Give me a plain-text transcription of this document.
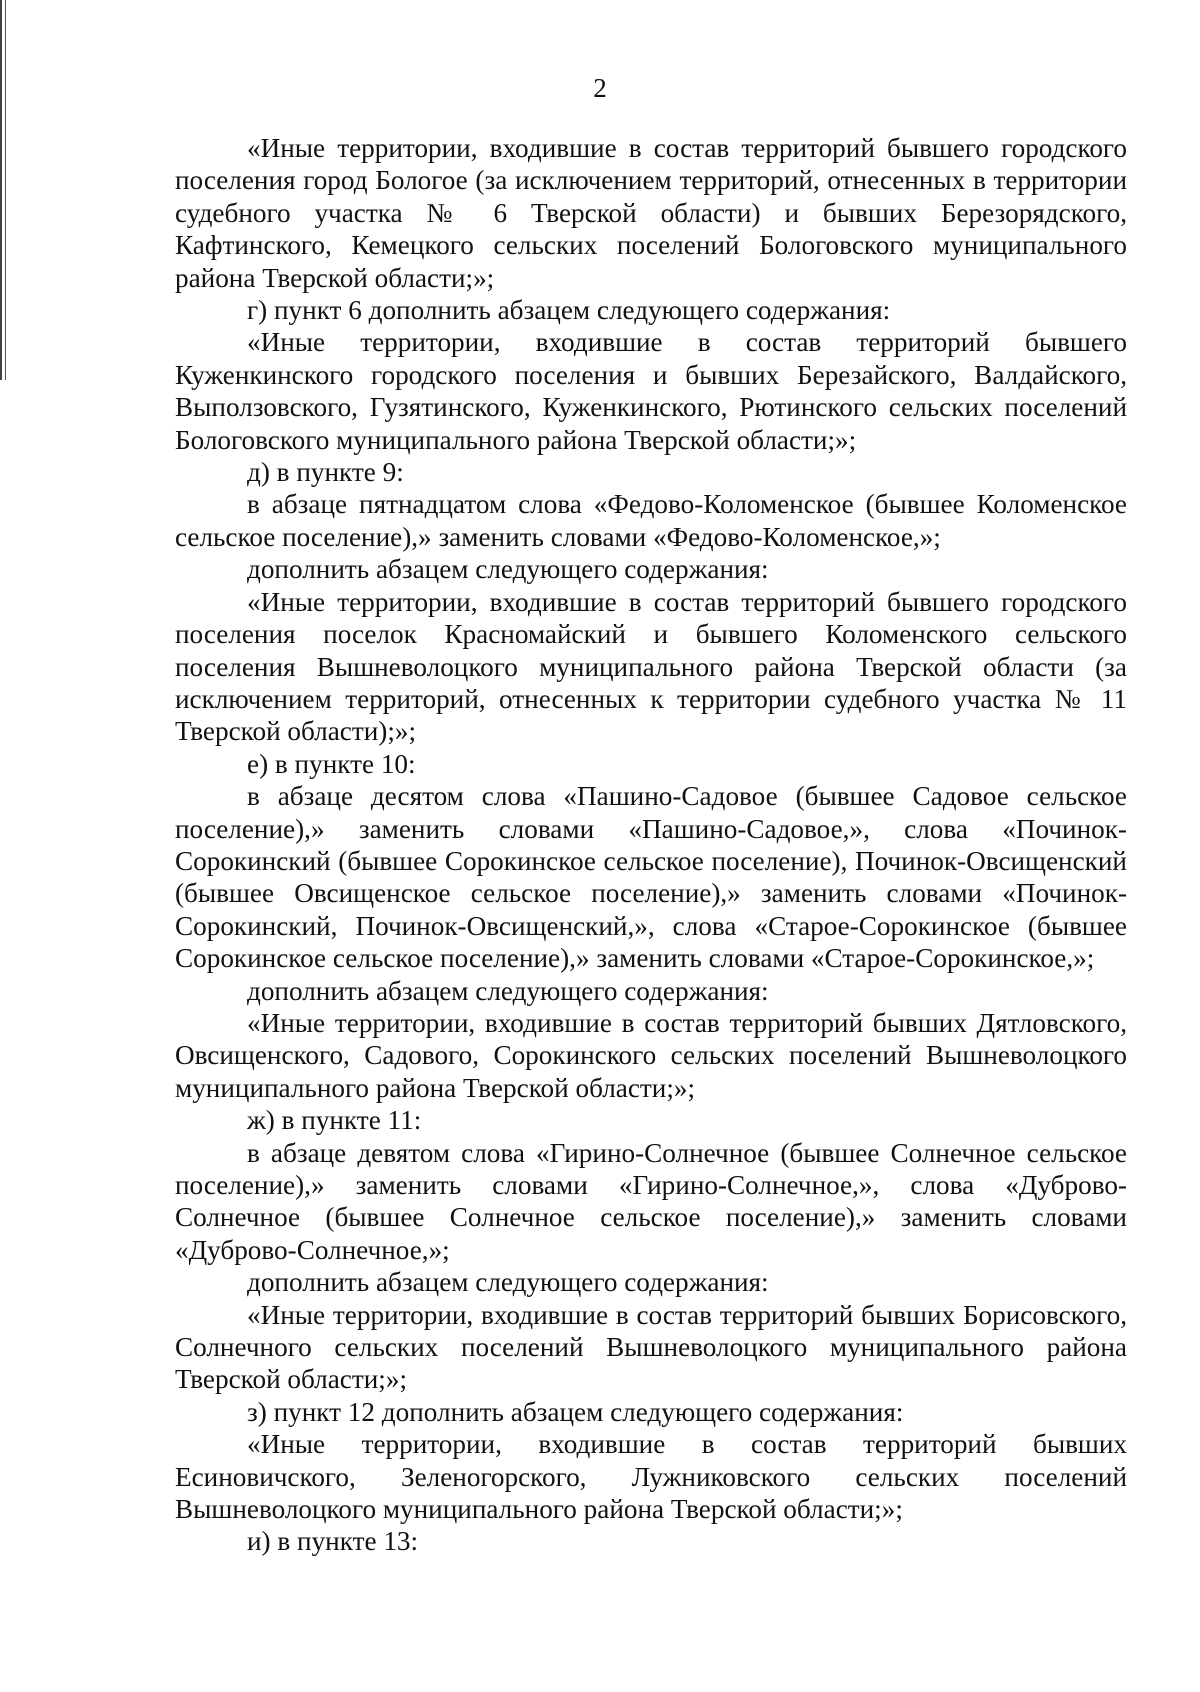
2

«Иные территории, входившие в состав территорий бывшего городского поселения город Бологое (за исключением территорий, отнесенных в территории судебного участка № 6 Тверской области) и бывших Березорядского, Кафтинского, Кемецкого сельских поселений Бологовского муниципального района Тверской области;»;

г) пункт 6 дополнить абзацем следующего содержания:

«Иные территории, входившие в состав территорий бывшего Куженкинского городского поселения и бывших Березайского, Валдайского, Выползовского, Гузятинского, Куженкинского, Рютинского сельских поселений Бологовского муниципального района Тверской области;»;

д) в пункте 9:

в абзаце пятнадцатом слова «Федово-Коломенское (бывшее Коломенское сельское поселение),» заменить словами «Федово-Коломенское,»;

дополнить абзацем следующего содержания:

«Иные территории, входившие в состав территорий бывшего городского поселения поселок Красномайский и бывшего Коломенского сельского поселения Вышневолоцкого муниципального района Тверской области (за исключением территорий, отнесенных к территории судебного участка № 11 Тверской области);»;

е) в пункте 10:

в абзаце десятом слова «Пашино-Садовое (бывшее Садовое сельское поселение),» заменить словами «Пашино-Садовое,», слова «Починок-Сорокинский (бывшее Сорокинское сельское поселение), Починок-Овсищенский (бывшее Овсищенское сельское поселение),» заменить словами «Починок-Сорокинский, Починок-Овсищенский,», слова «Старое-Сорокинское (бывшее Сорокинское сельское поселение),» заменить словами «Старое-Сорокинское,»;

дополнить абзацем следующего содержания:

«Иные территории, входившие в состав территорий бывших Дятловского, Овсищенского, Садового, Сорокинского сельских поселений Вышневолоцкого муниципального района Тверской области;»;

ж) в пункте 11:

в абзаце девятом слова «Гирино-Солнечное (бывшее Солнечное сельское поселение),» заменить словами «Гирино-Солнечное,», слова «Дуброво-Солнечное (бывшее Солнечное сельское поселение),» заменить словами «Дуброво-Солнечное,»;

дополнить абзацем следующего содержания:

«Иные территории, входившие в состав территорий бывших Борисовского, Солнечного сельских поселений Вышневолоцкого муниципального района Тверской области;»;

з) пункт 12 дополнить абзацем следующего содержания:

«Иные территории, входившие в состав территорий бывших Есиновичского, Зеленогорского, Лужниковского сельских поселений Вышневолоцкого муниципального района Тверской области;»;

и) в пункте 13:
